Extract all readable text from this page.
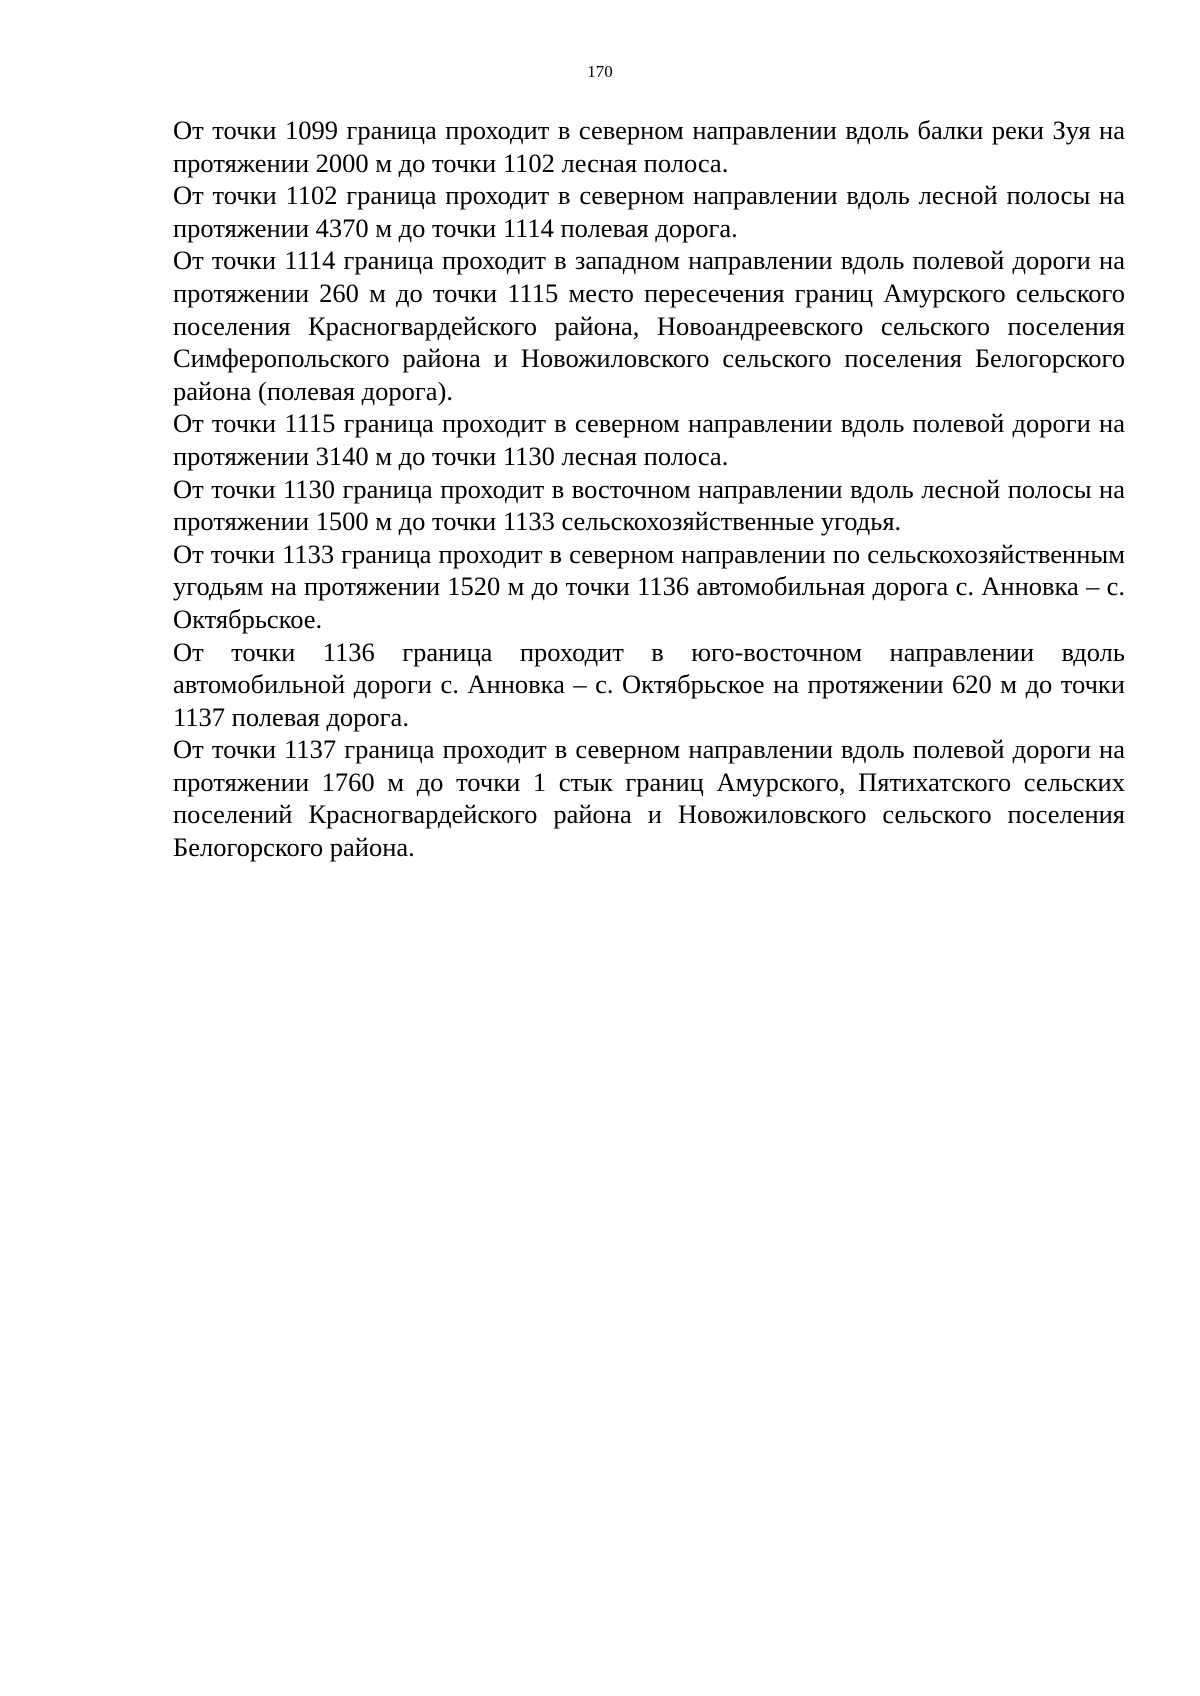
170

От точки 1099 граница проходит в северном направлении вдоль балки реки Зуя на протяжении 2000 м до точки 1102 лесная полоса.

От точки 1102 граница проходит в северном направлении вдоль лесной полосы на протяжении 4370 м до точки 1114 полевая дорога.

От точки 1114 граница проходит в западном направлении вдоль полевой дороги на протяжении 260 м до точки 1115 место пересечения границ Амурского сельского поселения Красногвардейского района, Новоандреевского сельского поселения Симферопольского района и Новожиловского сельского поселения Белогорского района (полевая дорога).

От точки 1115 граница проходит в северном направлении вдоль полевой дороги на протяжении 3140 м до точки 1130 лесная полоса.

От точки 1130 граница проходит в восточном направлении вдоль лесной полосы на протяжении 1500 м до точки 1133 сельскохозяйственные угодья.

От точки 1133 граница проходит в северном направлении по сельскохозяйственным угодьям на протяжении 1520 м до точки 1136 автомобильная дорога с. Анновка – с. Октябрьское.

От точки 1136 граница проходит в юго-восточном направлении вдоль автомобильной дороги с. Анновка – с. Октябрьское на протяжении 620 м до точки 1137 полевая дорога.

От точки 1137 граница проходит в северном направлении вдоль полевой дороги на протяжении 1760 м до точки 1 стык границ Амурского, Пятихатского сельских поселений Красногвардейского района и Новожиловского сельского поселения Белогорского района.
